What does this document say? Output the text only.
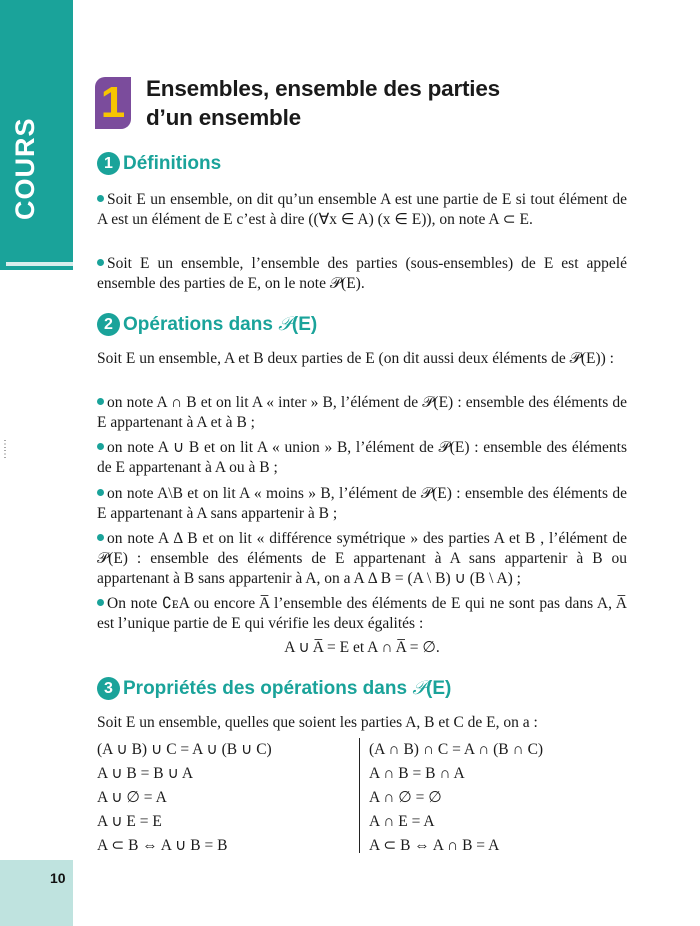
COURS
⋮
⋮
10
1 Ensembles, ensemble des parties
d’un ensemble
1 Définitions
Soit E un ensemble, on dit qu’un ensemble A est une partie de E si tout élément de A est un élément de E c’est à dire ((∀x ∈ A) (x ∈ E)), on note A ⊂ E.
Soit E un ensemble, l’ensemble des parties (sous-ensembles) de E est appelé ensemble des parties de E, on le note 𝒫(E).
2 Opérations dans 𝒫(E)
Soit E un ensemble, A et B deux parties de E (on dit aussi deux éléments de 𝒫(E)) :
on note A ∩ B et on lit A « inter » B, l’élément de 𝒫(E) : ensemble des éléments de E appartenant à A et à B ;
on note A ∪ B et on lit A « union » B, l’élément de 𝒫(E) : ensemble des éléments de E appartenant à A ou à B ;
on note A\B et on lit A « moins » B, l’élément de 𝒫(E) : ensemble des éléments de E appartenant à A sans appartenir à B ;
on note A Δ B et on lit « différence symétrique » des parties A et B , l’élément de 𝒫(E) : ensemble des éléments de E appartenant à A sans appartenir à B ou appartenant à B sans appartenir à A, on a A Δ B = (A \ B) ∪ (B \ A) ;
On note ∁ᴇA ou encore A̅ l’ensemble des éléments de E qui ne sont pas dans A, A̅ est l’unique partie de E qui vérifie les deux égalités :
A ∪ A̅ = E et A ∩ A̅ = ∅.
3 Propriétés des opérations dans 𝒫(E)
Soit E un ensemble, quelles que soient les parties A, B et C de E, on a :
(A ∪ B) ∪ C = A ∪ (B ∪ C)
A ∪ B = B ∪ A
A ∪ ∅ = A
A ∪ E = E
A ⊂ B ⇔ A ∪ B = B
(A ∩ B) ∩ C = A ∩ (B ∩ C)
A ∩ B = B ∩ A
A ∩ ∅ = ∅
A ∩ E = A
A ⊂ B ⇔ A ∩ B = A
